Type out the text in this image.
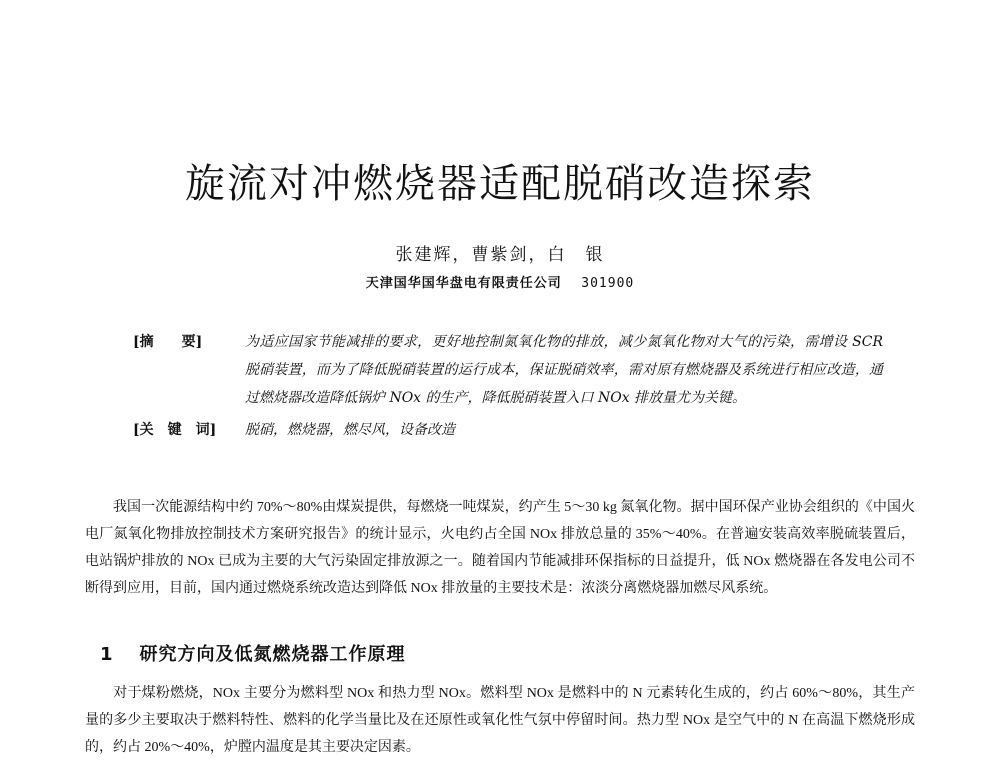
旋流对冲燃烧器适配脱硝改造探索
张建辉，曹紫剑，白　银
天津国华国华盘电有限责任公司 301900
[摘　　要]	为适应国家节能减排的要求，更好地控制氮氧化物的排放，减少氮氧化物对大气的污染，需增设 SCR 脱硝装置，而为了降低脱硝装置的运行成本，保证脱硝效率，需对原有燃烧器及系统进行相应改造，通过燃烧器改造降低锅炉 NOx 的生产，降低脱硝装置入口 NOx 排放量尤为关键。
[关　键　词]	脱硝，燃烧器，燃尽风，设备改造
我国一次能源结构中约 70%～80%由煤炭提供，每燃烧一吨煤炭，约产生 5～30 kg 氮氧化物。据中国环保产业协会组织的《中国火电厂氮氧化物排放控制技术方案研究报告》的统计显示，火电约占全国 NOx 排放总量的 35%～40%。在普遍安装高效率脱硫装置后，电站锅炉排放的 NOx 已成为主要的大气污染固定排放源之一。随着国内节能减排环保指标的日益提升，低 NOx 燃烧器在各发电公司不断得到应用，目前，国内通过燃烧系统改造达到降低 NOx 排放量的主要技术是：浓淡分离燃烧器加燃尽风系统。
1 研究方向及低氮燃烧器工作原理
对于煤粉燃烧，NOx 主要分为燃料型 NOx 和热力型 NOx。燃料型 NOx 是燃料中的 N 元素转化生成的，约占 60%～80%，其生产量的多少主要取决于燃料特性、燃料的化学当量比及在还原性或氧化性气氛中停留时间。热力型 NOx 是空气中的 N 在高温下燃烧形成的，约占 20%～40%，炉膛内温度是其主要决定因素。
